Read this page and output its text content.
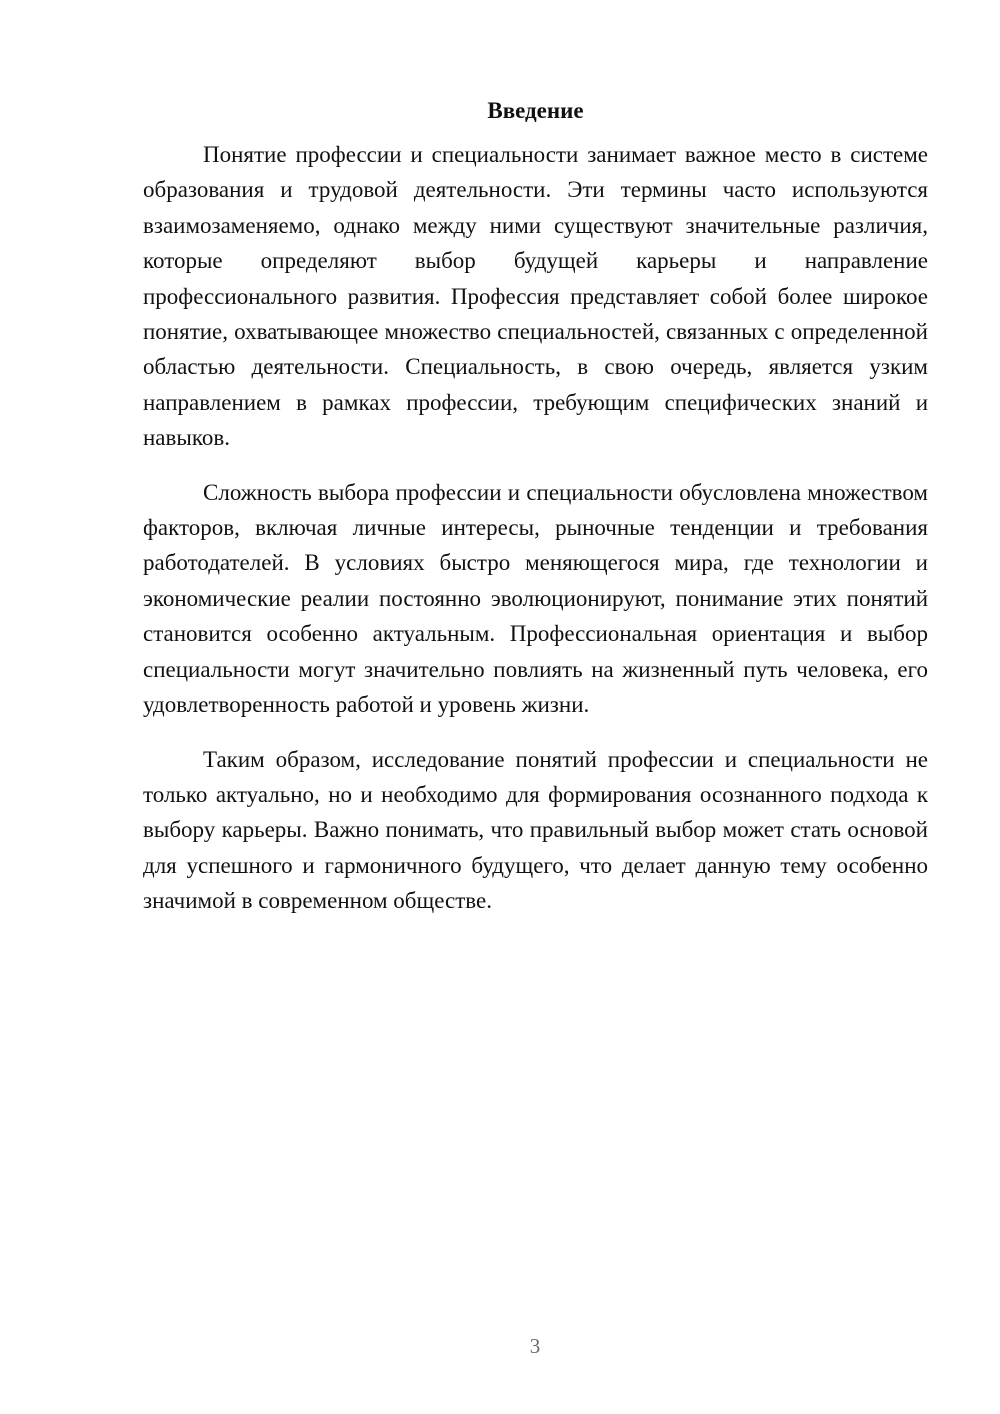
Введение

Понятие профессии и специальности занимает важное место в системе образования и трудовой деятельности. Эти термины часто используются взаимозаменяемо, однако между ними существуют значительные различия, которые определяют выбор будущей карьеры и направление профессионального развития. Профессия представляет собой более широкое понятие, охватывающее множество специальностей, связанных с определенной областью деятельности. Специальность, в свою очередь, является узким направлением в рамках профессии, требующим специфических знаний и навыков.

Сложность выбора профессии и специальности обусловлена множеством факторов, включая личные интересы, рыночные тенденции и требования работодателей. В условиях быстро меняющегося мира, где технологии и экономические реалии постоянно эволюционируют, понимание этих понятий становится особенно актуальным. Профессиональная ориентация и выбор специальности могут значительно повлиять на жизненный путь человека, его удовлетворенность работой и уровень жизни.

Таким образом, исследование понятий профессии и специальности не только актуально, но и необходимо для формирования осознанного подхода к выбору карьеры. Важно понимать, что правильный выбор может стать основой для успешного и гармоничного будущего, что делает данную тему особенно значимой в современном обществе.

3
